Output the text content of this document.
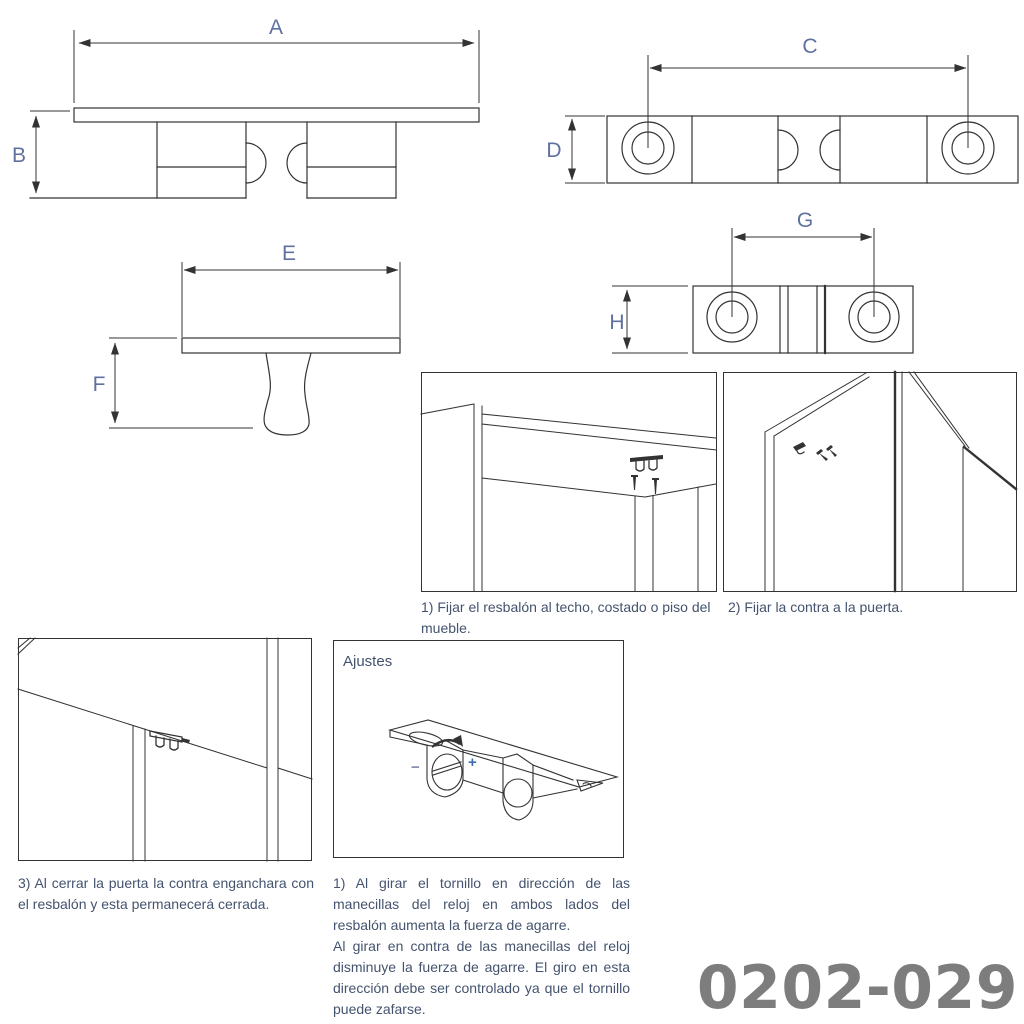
A
B
C
D
G
H
E
F
Ajustes
−	+
1) Fijar el resbalón al techo, costado o piso del mueble.
2) Fijar la contra a la puerta.
3) Al cerrar la puerta la contra enganchara con el resbalón y esta permanecerá cerrada.

1) Al girar el tornillo en dirección de las manecillas del reloj en ambos lados del resbalón aumenta la fuerza de agarre.

Al girar en contra de las manecillas del reloj disminuye la fuerza de agarre. El giro en esta dirección debe ser controlado ya que el tornillo puede zafarse.	0202-029
